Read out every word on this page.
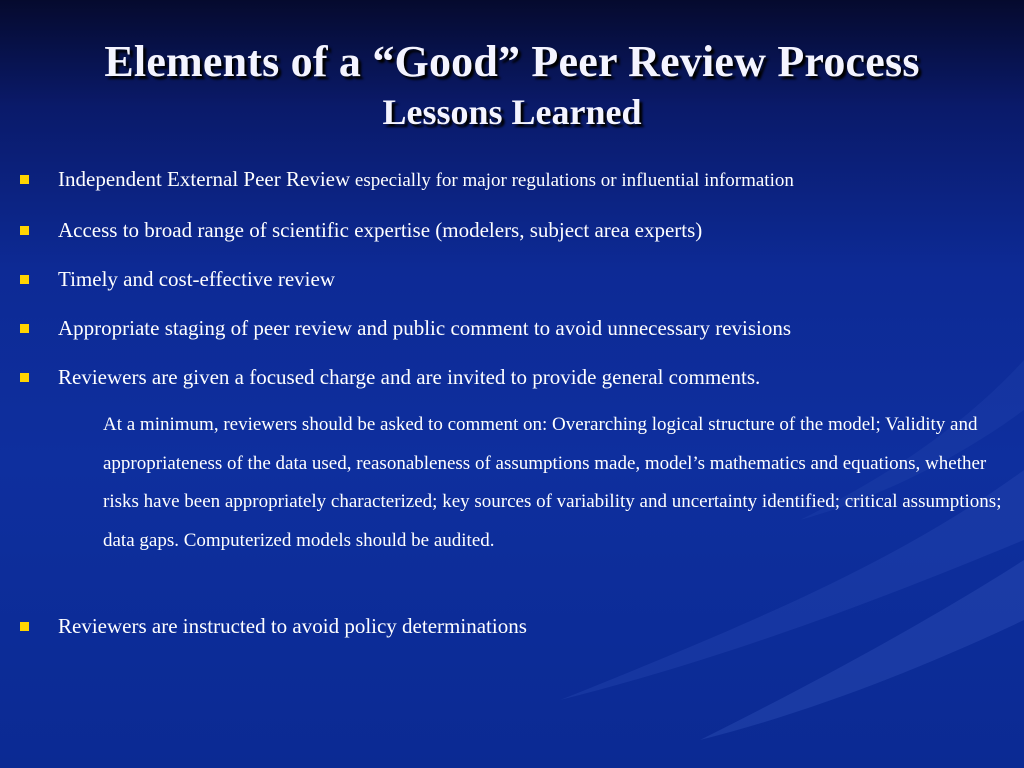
Elements of a “Good” Peer Review Process
Lessons Learned
Independent External Peer Review especially for major regulations or influential information
Access to broad range of scientific expertise (modelers, subject area experts)
Timely and cost-effective review
Appropriate staging of peer review and public comment to avoid unnecessary revisions
Reviewers are given a focused charge and are invited to provide general comments.
At a minimum, reviewers should be asked to comment on: Overarching logical structure of the model; Validity and appropriateness of the data used, reasonableness of assumptions made, model’s mathematics and equations, whether risks have been appropriately characterized; key sources of variability and uncertainty identified; critical assumptions; data gaps. Computerized models should be audited.
Reviewers are instructed to avoid policy determinations
